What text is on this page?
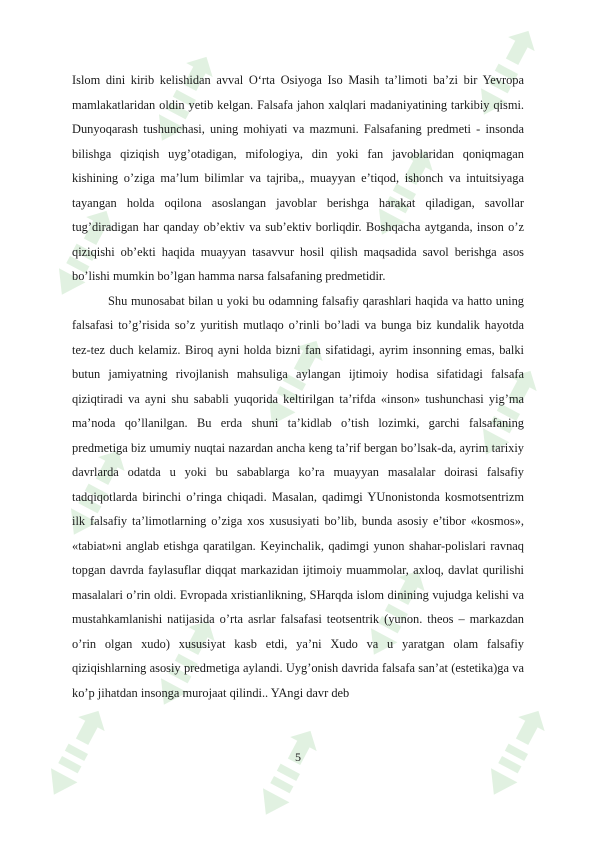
Islom dini kirib kelishidan avval O‘rta Osiyoga Iso Masih ta’limoti ba’zi bir Yevropa mamlakatlaridan oldin yetib kelgan. Falsafa jahon xalqlari madaniyatining tarkibiy qismi. Dunyoqarash tushunchasi, uning mohiyati va mazmuni. Falsafaning predmeti - insonda bilishga qiziqish uyg’otadigan, mifologiya, din yoki fan javoblaridan qoniqmagan kishining o’ziga ma’lum bilimlar va tajriba,, muayyan e’tiqod, ishonch va intuitsiyaga tayangan holda oqilona asoslangan javoblar berishga harakat qiladigan, savollar tug’diradigan har qanday ob’ektiv va sub’ektiv borliqdir. Boshqacha aytganda, inson o’z qiziqishi ob’ekti haqida muayyan tasavvur hosil qilish maqsadida savol berishga asos bo’lishi mumkin bo’lgan hamma narsa falsafaning predmetidir.

Shu munosabat bilan u yoki bu odamning falsafiy qarashlari haqida va hatto uning falsafasi to’g’risida so’z yuritish mutlaqo o’rinli bo’ladi va bunga biz kundalik hayotda tez-tez duch kelamiz. Biroq ayni holda bizni fan sifatidagi, ayrim insonning emas, balki butun jamiyatning rivojlanish mahsuliga aylangan ijtimoiy hodisa sifatidagi falsafa qiziqtiradi va ayni shu sababli yuqorida keltirilgan ta’rifda «inson» tushunchasi yig’ma ma’noda qo’llanilgan. Bu erda shuni ta’kidlab o’tish lozimki, garchi falsafaning predmetiga biz umumiy nuqtai nazardan ancha keng ta’rif bergan bo’lsak-da, ayrim tarixiy davrlarda odatda u yoki bu sabablarga ko’ra muayyan masalalar doirasi falsafiy tadqiqotlarda birinchi o’ringa chiqadi. Masalan, qadimgi YUnonistonda kosmotsentrizm ilk falsafiy ta’limotlarning o’ziga xos xususiyati bo’lib, bunda asosiy e’tibor «kosmos», «tabiat»ni anglab etishga qaratilgan. Keyinchalik, qadimgi yunon shahar-polislari ravnaq topgan davrda faylasuflar diqqat markazidan ijtimoiy muammolar, axloq, davlat qurilishi masalalari o’rin oldi. Evropada xristianlikning, SHarqda islom dinining vujudga kelishi va mustahkamlanishi natijasida o’rta asrlar falsafasi teotsentrik (yunon. theos – markazdan o’rin olgan xudo) xususiyat kasb etdi, ya’ni Xudo va u yaratgan olam falsafiy qiziqishlarning asosiy predmetiga aylandi. Uyg’onish davrida falsafa san’at (estetika)ga va ko’p jihatdan insonga murojaat qilindi.. YAngi davr deb

5
